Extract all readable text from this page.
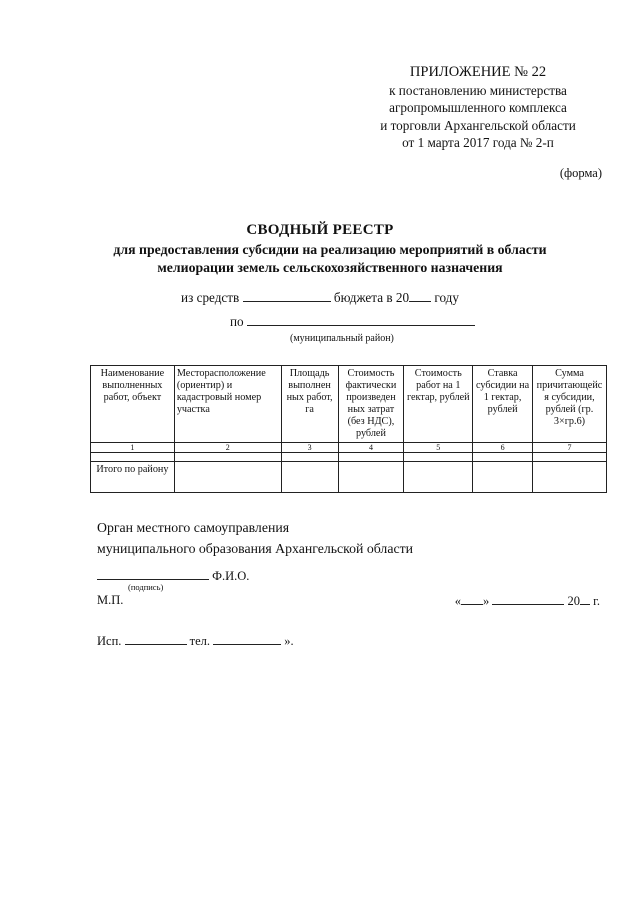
ПРИЛОЖЕНИЕ № 22
к постановлению министерства
агропромышленного комплекса
и торговли Архангельской области
от 1 марта 2017 года № 2-п
(форма)
СВОДНЫЙ РЕЕСТР
для предоставления субсидии на реализацию мероприятий в области
мелиорации земель сельскохозяйственного назначения
из средств	бюджета в 20 году
по
(муниципальный район)
Наименование выполненных работ, объект	Месторасположение (ориентир) и кадастровый номер участка	Площадь выполнен ных работ, га	Стоимость фактически произведен ных затрат (без НДС), рублей	Стоимость работ на 1 гектар, рублей	Ставка субсидии на 1 гектар, рублей	Сумма причитающейс я субсидии, рублей (гр. 3×гр.6)
1	2	3	4	5	6	7

Итого по району						
Орган местного самоуправления
муниципального образования Архангельской области
Ф.И.О.
(подпись)
М.П.	« »	20 г.
Исп.	тел.	».
